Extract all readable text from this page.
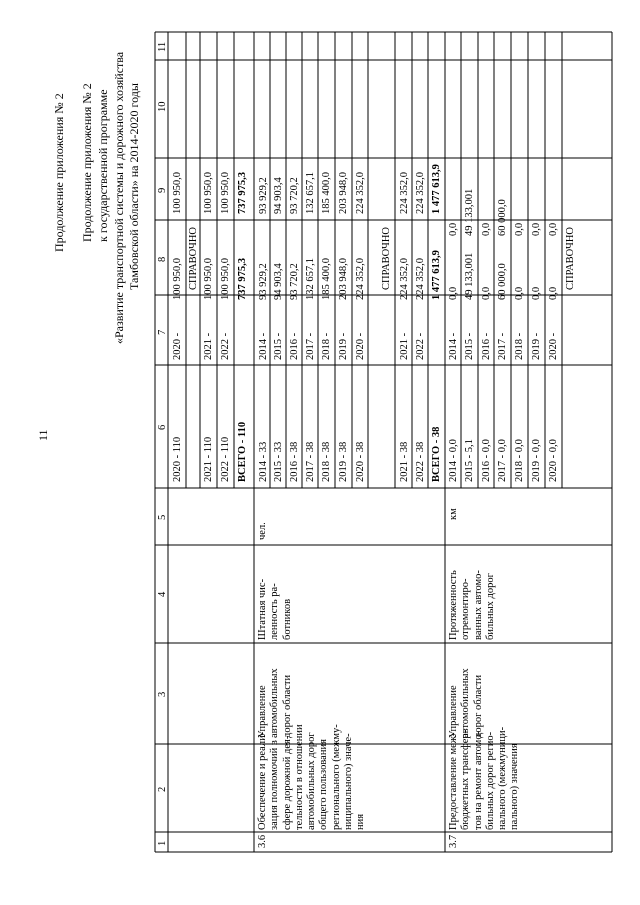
11
Продолжение приложения № 2 Продолжение приложения № 2 к государственной программе «Развитие транспортной системы и дорожного хозяйства Тамбовской области» на 2014-2020 годы
1
2
3
4
5
6
7
8
9
10
11
2020 - 110
2020 -
100 950,0
100 950,0
СПРАВОЧНО
2021 - 110
2021 -
100 950,0
100 950,0
2022 - 110
2022 -
100 950,0
100 950,0
ВСЕГО - 110
737 975,3
737 975,3
3.6
Обеспечение и реали-
зация полномочий в
сфере дорожной дея-
тельности в отношении
автомобильных дорог
общего пользования
регионального (межму-
ниципального) значе-
ния
Управление
автомобильных
дорог области
Штатная чис-
ленность ра-
ботников
чел.
2014 - 33
2014 -
93 929,2
93 929,2
2015 - 33
2015 -
94 903,4
94 903,4
2016 - 38
2016 -
93 720,2
93 720,2
2017 - 38
2017 -
132 657,1
132 657,1
2018 - 38
2018 -
185 400,0
185 400,0
2019 - 38
2019 -
203 948,0
203 948,0
2020 - 38
2020 -
224 352,0
224 352,0
СПРАВОЧНО
2021 - 38
2021 -
224 352,0
224 352,0
2022 - 38
2022 -
224 352,0
224 352,0
ВСЕГО - 38
1 477 613,9
1 477 613,9
3.7
Предоставление меж-
бюджетных трансфер-
тов на ремонт автомо-
бильных дорог регио-
нального (межмуници-
пального) значения
Управление
автомобильных
дорог области
Протяженность
отремонтиро-
ванных автомо-
бильных дорог
км
2014 - 0,0
2014 -
0,0
0,0
2015 - 5,1
2015 -
49 133,001
49 133,001
2016 - 0,0
2016 -
0,0
0,0
2017 - 0,0
2017 -
60 000,0
60 000,0
2018 - 0,0
2018 -
0,0
0,0
2019 - 0,0
2019 -
0,0
0,0
2020 - 0,0
2020 -
0,0
0,0 СПРАВОЧНО
